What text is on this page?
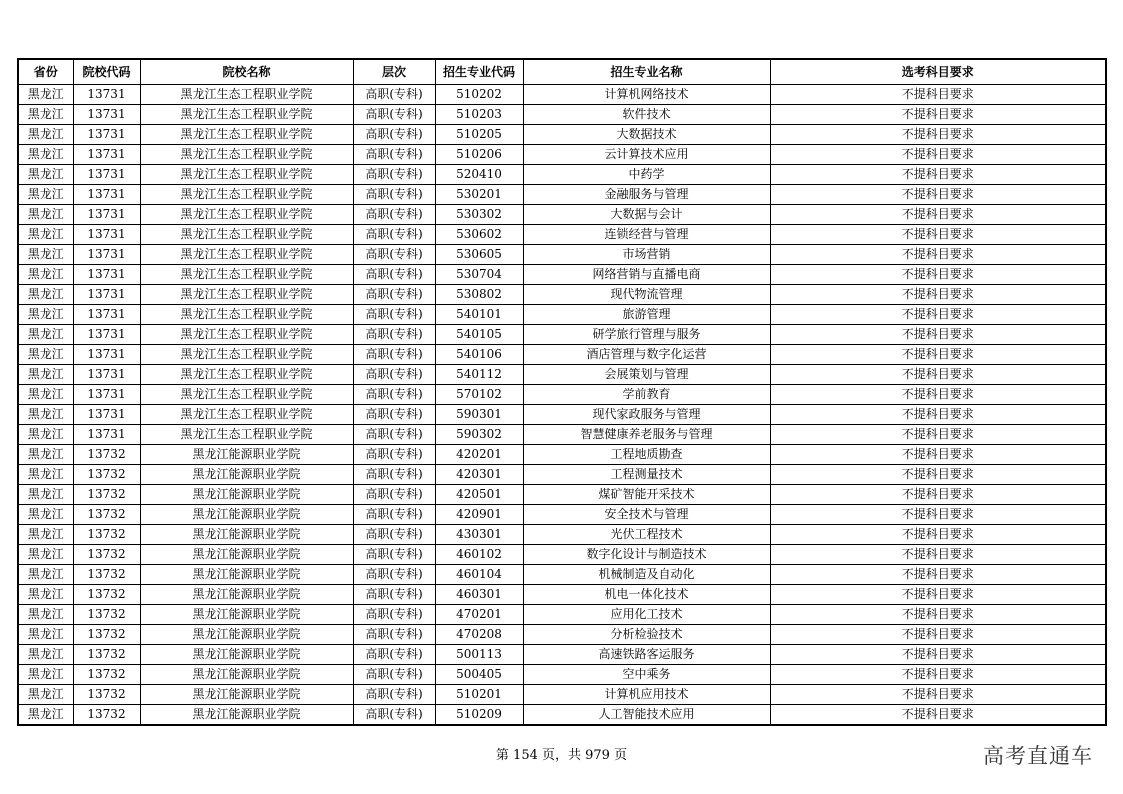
省份	院校代码	院校名称	层次	招生专业代码	招生专业名称	选考科目要求
黑龙江	13731	黑龙江生态工程职业学院	高职(专科)	510202	计算机网络技术	不提科目要求
黑龙江	13731	黑龙江生态工程职业学院	高职(专科)	510203	软件技术	不提科目要求
黑龙江	13731	黑龙江生态工程职业学院	高职(专科)	510205	大数据技术	不提科目要求
黑龙江	13731	黑龙江生态工程职业学院	高职(专科)	510206	云计算技术应用	不提科目要求
黑龙江	13731	黑龙江生态工程职业学院	高职(专科)	520410	中药学	不提科目要求
黑龙江	13731	黑龙江生态工程职业学院	高职(专科)	530201	金融服务与管理	不提科目要求
黑龙江	13731	黑龙江生态工程职业学院	高职(专科)	530302	大数据与会计	不提科目要求
黑龙江	13731	黑龙江生态工程职业学院	高职(专科)	530602	连锁经营与管理	不提科目要求
黑龙江	13731	黑龙江生态工程职业学院	高职(专科)	530605	市场营销	不提科目要求
黑龙江	13731	黑龙江生态工程职业学院	高职(专科)	530704	网络营销与直播电商	不提科目要求
黑龙江	13731	黑龙江生态工程职业学院	高职(专科)	530802	现代物流管理	不提科目要求
黑龙江	13731	黑龙江生态工程职业学院	高职(专科)	540101	旅游管理	不提科目要求
黑龙江	13731	黑龙江生态工程职业学院	高职(专科)	540105	研学旅行管理与服务	不提科目要求
黑龙江	13731	黑龙江生态工程职业学院	高职(专科)	540106	酒店管理与数字化运营	不提科目要求
黑龙江	13731	黑龙江生态工程职业学院	高职(专科)	540112	会展策划与管理	不提科目要求
黑龙江	13731	黑龙江生态工程职业学院	高职(专科)	570102	学前教育	不提科目要求
黑龙江	13731	黑龙江生态工程职业学院	高职(专科)	590301	现代家政服务与管理	不提科目要求
黑龙江	13731	黑龙江生态工程职业学院	高职(专科)	590302	智慧健康养老服务与管理	不提科目要求
黑龙江	13732	黑龙江能源职业学院	高职(专科)	420201	工程地质勘查	不提科目要求
黑龙江	13732	黑龙江能源职业学院	高职(专科)	420301	工程测量技术	不提科目要求
黑龙江	13732	黑龙江能源职业学院	高职(专科)	420501	煤矿智能开采技术	不提科目要求
黑龙江	13732	黑龙江能源职业学院	高职(专科)	420901	安全技术与管理	不提科目要求
黑龙江	13732	黑龙江能源职业学院	高职(专科)	430301	光伏工程技术	不提科目要求
黑龙江	13732	黑龙江能源职业学院	高职(专科)	460102	数字化设计与制造技术	不提科目要求
黑龙江	13732	黑龙江能源职业学院	高职(专科)	460104	机械制造及自动化	不提科目要求
黑龙江	13732	黑龙江能源职业学院	高职(专科)	460301	机电一体化技术	不提科目要求
黑龙江	13732	黑龙江能源职业学院	高职(专科)	470201	应用化工技术	不提科目要求
黑龙江	13732	黑龙江能源职业学院	高职(专科)	470208	分析检验技术	不提科目要求
黑龙江	13732	黑龙江能源职业学院	高职(专科)	500113	高速铁路客运服务	不提科目要求
黑龙江	13732	黑龙江能源职业学院	高职(专科)	500405	空中乘务	不提科目要求
黑龙江	13732	黑龙江能源职业学院	高职(专科)	510201	计算机应用技术	不提科目要求
黑龙江	13732	黑龙江能源职业学院	高职(专科)	510209	人工智能技术应用	不提科目要求
第 154 页，共 979 页	高考直通车
